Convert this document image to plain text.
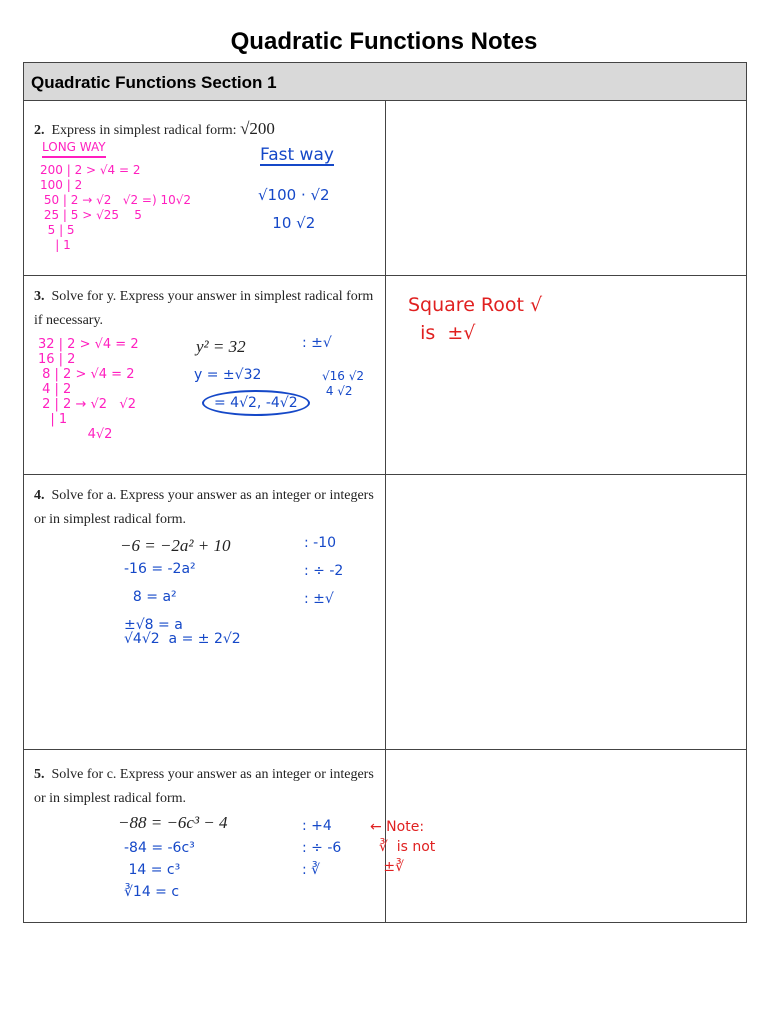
Quadratic Functions Notes
Quadratic Functions Section 1
2. Express in simplest radical form: √200
LONG WAY
200 | 2 > √4 = 2
100 | 2
50 | 2 → √2   √2 =) 10√2
25 | 5 > √25    5
5 | 5
| 1
Fast way
√100 · √2
10 √2
3. Solve for y. Express your answer in simplest radical form if necessary.
y² = 32
32 | 2 > √4 = 2
16 | 2
8 | 2 > √4 = 2
4 | 2
2 | 2 → √2   √2
| 1
4√2
: ±√
y = ±√32
= 4√2, -4√2
√16 √2
4 √2
Square Root √
is  ±√
4. Solve for a. Express your answer as an integer or integers or in simplest radical form.
−6 = −2a² + 10
-16 = -2a²

8 = a²

±√8 = a
√4√2  a = ± 2√2
: -10

: ÷ -2

: ±√
5. Solve for c. Express your answer as an integer or integers or in simplest radical form.
−88 = −6c³ − 4
-84 = -6c³
14 = c³
∛14 = c
: +4
: ÷ -6
: ∛
← Note:
∛  is not
±∛
